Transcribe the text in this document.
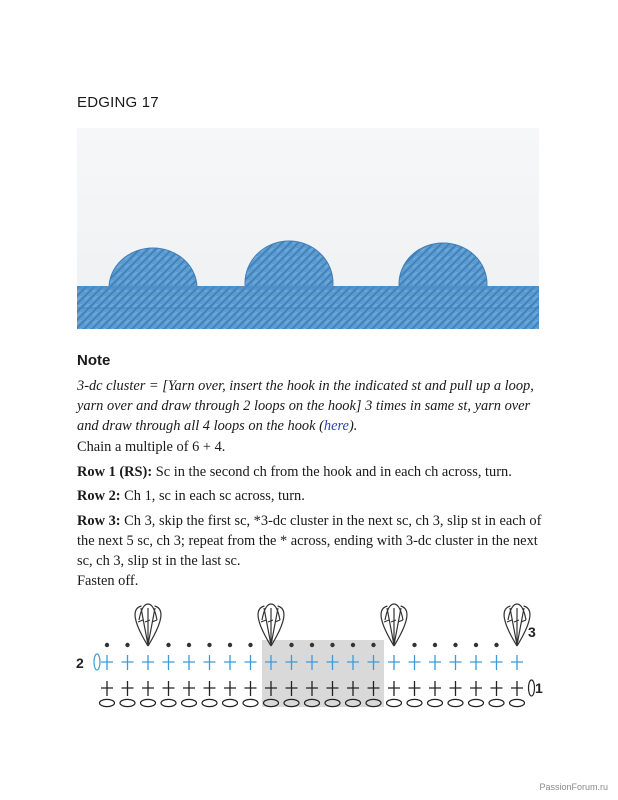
EDGING 17
Note

3-dc cluster = [Yarn over, insert the hook in the indicated st and pull up a loop, yarn over and draw through 2 loops on the hook] 3 times in same st, yarn over and draw through all 4 loops on the hook (here).

Chain a multiple of 6 + 4.

Row 1 (RS): Sc in the second ch from the hook and in each ch across, turn.

Row 2: Ch 1, sc in each sc across, turn.

Row 3: Ch 3, skip the first sc, *3-dc cluster in the next sc, ch 3, slip st in each of the next 5 sc, ch 3; repeat from the * across, ending with 3-dc cluster in the next sc, ch 3, slip st in the last sc.

Fasten off.

2
3
1
PassionForum.ru
